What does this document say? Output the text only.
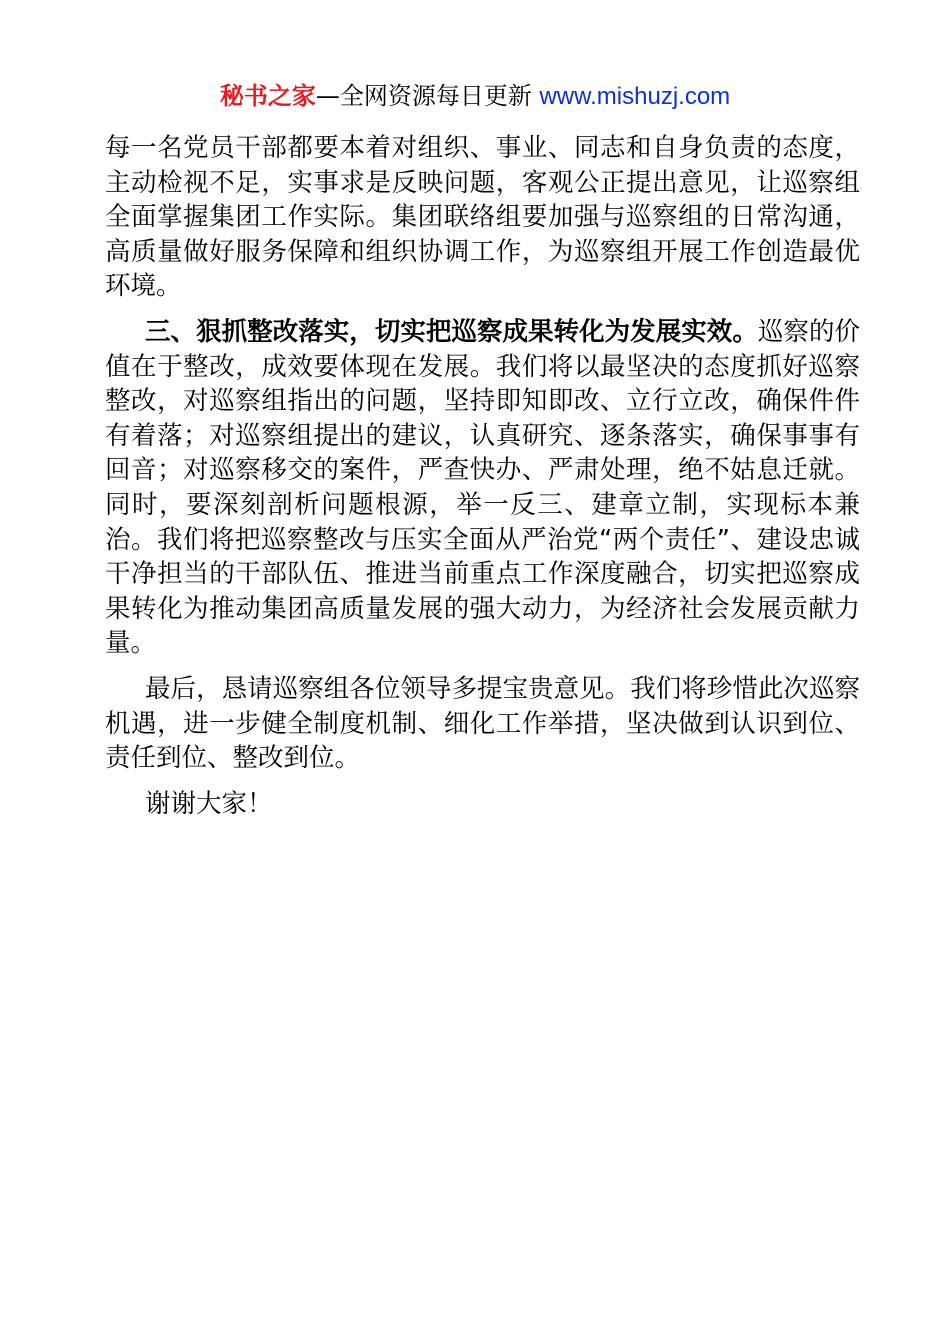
秘书之家—全网资源每日更新 www.mishuzj.com

每一名党员干部都要本着对组织、事业、同志和自身负责的态度，主动检视不足，实事求是反映问题，客观公正提出意见，让巡察组全面掌握集团工作实际。集团联络组要加强与巡察组的日常沟通，高质量做好服务保障和组织协调工作，为巡察组开展工作创造最优环境。

三、狠抓整改落实，切实把巡察成果转化为发展实效。巡察的价值在于整改，成效要体现在发展。我们将以最坚决的态度抓好巡察整改，对巡察组指出的问题，坚持即知即改、立行立改，确保件件有着落；对巡察组提出的建议，认真研究、逐条落实，确保事事有回音；对巡察移交的案件，严查快办、严肃处理，绝不姑息迁就。同时，要深刻剖析问题根源，举一反三、建章立制，实现标本兼治。我们将把巡察整改与压实全面从严治党“两个责任”、建设忠诚干净担当的干部队伍、推进当前重点工作深度融合，切实把巡察成果转化为推动集团高质量发展的强大动力，为经济社会发展贡献力量。

最后，恳请巡察组各位领导多提宝贵意见。我们将珍惜此次巡察机遇，进一步健全制度机制、细化工作举措，坚决做到认识到位、责任到位、整改到位。

谢谢大家！
